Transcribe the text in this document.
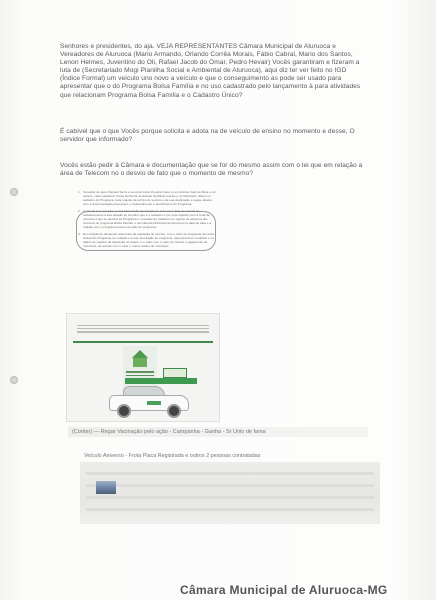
Senhores e presidentes, do aja. VEJA REPRESENTANTES Câmara Municipal de Aluruoca e Vereadores de Aluruoca (Mario Armando, Orlando Corrêa Morais, Fábio Cabral, Mario dos Santos, Lenon Helmes, Juventino do Oli, Rafael Jacob do Omar, Pedro Hevair) Vocês garantiram e fizeram a luta de (Secretariado Mogi Planilha Social e Ambiental de Aluruoca), aqui diz ter ver feito no IGD (Índice Formal) um veículo uno novo a veículo e que o conseguimento as pode ser usado para apresentar que o do Programa Bolsa Família e no uso cadastrado pelo lançamento à para atividades que relacionam Programa Bolsa Família e o Cadastro Único?

É cabível que o que Vocês porque solicita e adota na de veículo de ensino no momento e desse, O servidor que informado?

Vocês estão pedir à Câmara e documentação que se for do mesmo assim com o lei que em relação a área de Telecom no o desvio de fato que o momento de mesmo?

1. Vereador do autor Renato Serra e seu pais Lúcio Pereira Freire e por Antônio Caio da Silva e um veiculo, cabe cadastrar Vossa Senhoria do Estado de Minas Gerais e no Município: dispor no cadastro do Programa, pela relação da tal tipo do veículo e de sua destinação e segue abaixo com a documentação para quem o cadastramento e atendimento do Programa.
2. A sua de seu vereador, a sua informação da relação de todo novo data de veículo do cadastramento à sua relação se servidor que é o cadastro e por este objetivo com a frota de veículos a que se destina ao Programa e a Gestão do cadastro em regime de abertura dos recursos do programa Bolsa Família; e da Câmara Municipal de Aluruoca na data da data e a relação com o programa para execução do programa.
3. Em relação de despesas referentes da aquisição do veículo, com o valor do programa da verba federal do Programa em relação e a sua vinculação ao programa, apresentamos resultado e os dados de registro da aquisição do objeto; e o valor com o valor do veículo e pagamento do município, de acordo com o valor e outros dados do município.
(Conter) — Regar Vacinação pelo ação - Campanha - Ganha - Sr Unio de fama
Veículo Aniverso - Frota Placa Registrada e outros 2 pessoas contratadas
Câmara Municipal de Aluruoca-MG
